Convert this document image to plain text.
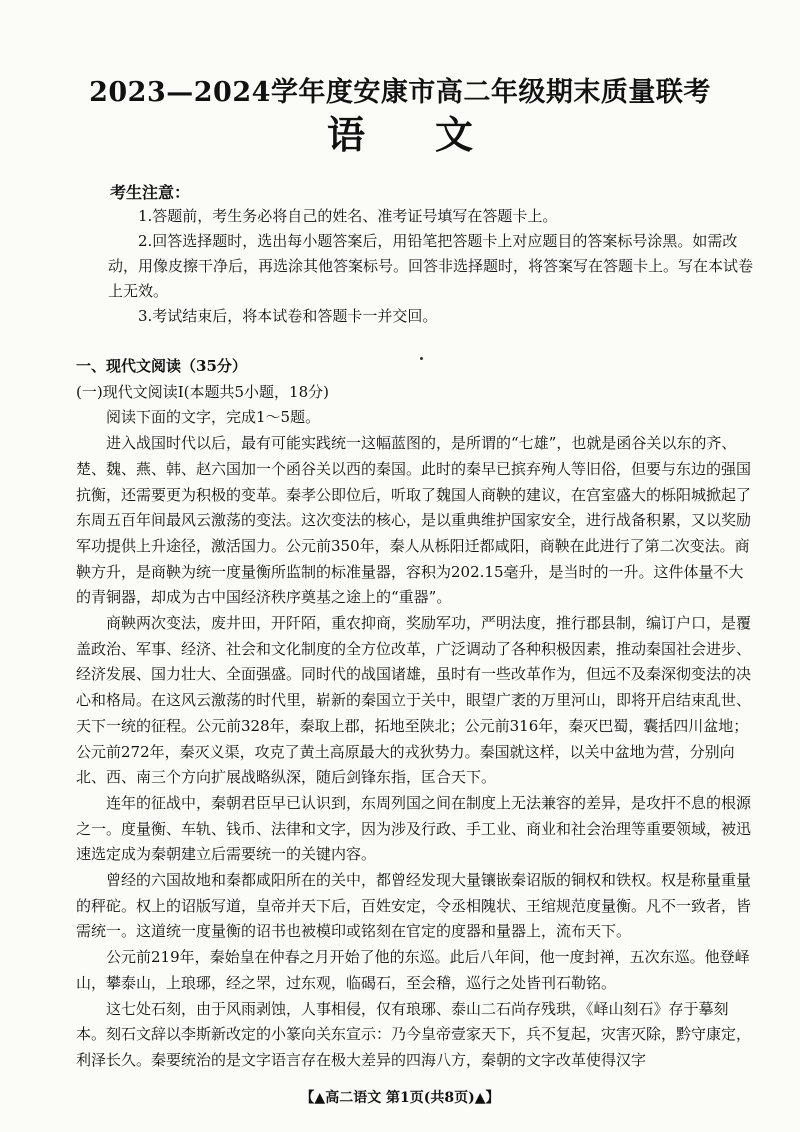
2023—2024学年度安康市高二年级期末质量联考
语文
考生注意：

1.答题前，考生务必将自己的姓名、准考证号填写在答题卡上。

2.回答选择题时，选出每小题答案后，用铅笔把答题卡上对应题目的答案标号涂黑。如需改动，用像皮擦干净后，再选涂其他答案标号。回答非选择题时，将答案写在答题卡上。写在本试卷上无效。

3.考试结束后，将本试卷和答题卡一并交回。

一、现代文阅读（35分）

(一)现代文阅读Ⅰ(本题共5小题，18分)

阅读下面的文字，完成1～5题。

进入战国时代以后，最有可能实践统一这幅蓝图的，是所谓的“七雄”，也就是函谷关以东的齐、楚、魏、燕、韩、赵六国加一个函谷关以西的秦国。此时的秦早已摈弃殉人等旧俗，但要与东边的强国抗衡，还需要更为积极的变革。秦孝公即位后，听取了魏国人商鞅的建议，在宫室盛大的栎阳城掀起了东周五百年间最风云激荡的变法。这次变法的核心，是以重典维护国家安全，进行战备积累，又以奖励军功提供上升途径，激活国力。公元前350年，秦人从栎阳迁都咸阳，商鞅在此进行了第二次变法。商鞅方升，是商鞅为统一度量衡所监制的标准量器，容积为202.15毫升，是当时的一升。这件体量不大的青铜器，却成为古中国经济秩序奠基之途上的“重器”。

商鞅两次变法，废井田，开阡陌，重农抑商，奖励军功，严明法度，推行郡县制，编订户口，是覆盖政治、军事、经济、社会和文化制度的全方位改革，广泛调动了各种积极因素，推动秦国社会进步、经济发展、国力壮大、全面强盛。同时代的战国诸雄，虽时有一些改革作为，但远不及秦深彻变法的决心和格局。在这风云激荡的时代里，崭新的秦国立于关中，眼望广袤的万里河山，即将开启结束乱世、天下一统的征程。公元前328年，秦取上郡，拓地至陕北；公元前316年，秦灭巴蜀，囊括四川盆地；公元前272年，秦灭义渠，攻克了黄土高原最大的戎狄势力。秦国就这样，以关中盆地为营，分别向北、西、南三个方向扩展战略纵深，随后剑锋东指，匡合天下。

连年的征战中，秦朝君臣早已认识到，东周列国之间在制度上无法兼容的差异，是攻扞不息的根源之一。度量衡、车轨、钱币、法律和文字，因为涉及行政、手工业、商业和社会治理等重要领域，被迅速选定成为秦朝建立后需要统一的关键内容。

曾经的六国故地和秦都咸阳所在的关中，都曾经发现大量镶嵌秦诏版的铜权和铁权。权是称量重量的秤砣。权上的诏版写道，皇帝并天下后，百姓安定，令丞相隗状、王绾规范度量衡。凡不一致者，皆需统一。这道统一度量衡的诏书也被模印或铭刻在官定的度器和量器上，流布天下。

公元前219年，秦始皇在仲春之月开始了他的东巡。此后八年间，他一度封禅，五次东巡。他登峄山，攀泰山，上琅琊，经之罘，过东观，临碣石，至会稽，巡行之处皆刊石勒铭。

这七处石刻，由于风雨剥蚀，人事相侵，仅有琅琊、泰山二石尚存残珙，《峄山刻石》存于摹刻本。刻石文辞以李斯新改定的小篆向关东宣示：乃今皇帝壹家天下，兵不复起，灾害灭除，黔守康定，利泽长久。秦要统治的是文字语言存在极大差异的四海八方，秦朝的文字改革使得汉字

【▲高二语文 第1页(共8页)▲】
